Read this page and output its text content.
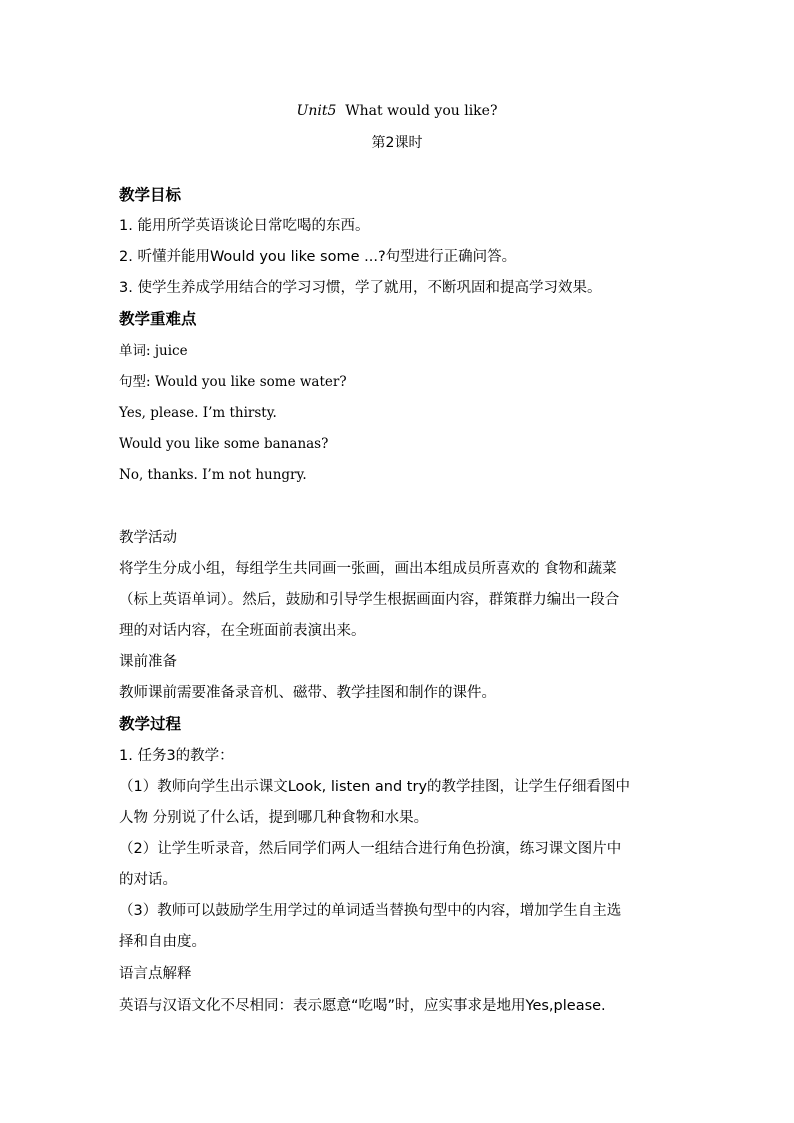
Unit5 What would you like?
第2课时
教学目标
1. 能用所学英语谈论日常吃喝的东西。
2. 听懂并能用Would you like some ...?句型进行正确问答。
3. 使学生养成学用结合的学习习惯，学了就用，不断巩固和提高学习效果。
教学重难点
单词: juice
句型: Would you like some water?
Yes, please. I’m thirsty.
Would you like some bananas?
No, thanks. I’m not hungry.
教学活动
将学生分成小组，每组学生共同画一张画，画出本组成员所喜欢的 食物和蔬菜
（标上英语单词）。然后，鼓励和引导学生根据画面内容，群策群力编出一段合
理的对话内容，在全班面前表演出来。
课前准备
教师课前需要准备录音机、磁带、教学挂图和制作的课件。
教学过程
1. 任务3的教学：
（1）教师向学生出示课文Look, listen and try的教学挂图，让学生仔细看图中
人物 分别说了什么话，提到哪几种食物和水果。
（2）让学生听录音，然后同学们两人一组结合进行角色扮演，练习课文图片中
的对话。
（3）教师可以鼓励学生用学过的单词适当替换句型中的内容，增加学生自主选
择和自由度。
语言点解释
英语与汉语文化不尽相同：表示愿意“吃喝”时，应实事求是地用Yes,please.
